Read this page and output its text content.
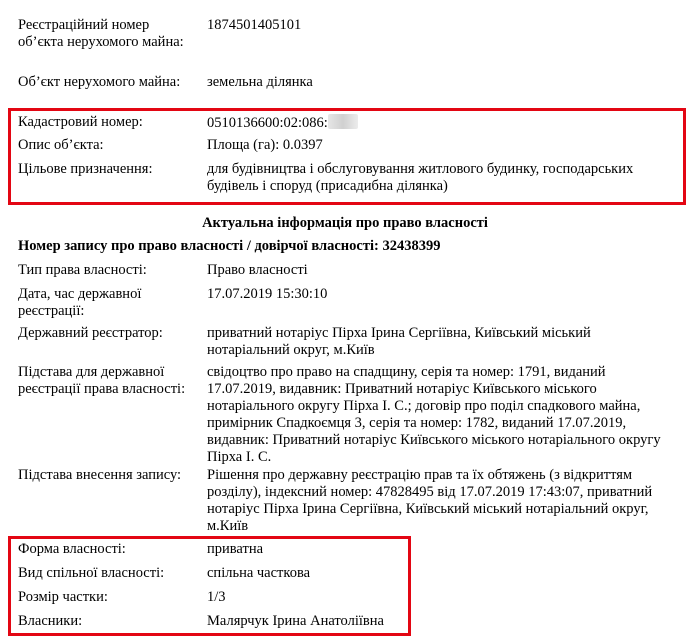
Реєстраційний номер об’єкта нерухомого майна:
1874501405101
Об’єкт нерухомого майна:	земельна ділянка
Кадастровий номер:	0510136600:02:086:
Опис об’єкта:	Площа (га): 0.0397
Цільове призначення:	для будівництва і обслуговування житлового будинку, господарських будівель і споруд (присадибна ділянка)
Актуальна інформація про право власності
Номер запису про право власності / довірчої власності: 32438399
Тип права власності:	Право власності
Дата, час державної реєстрації:
17.07.2019 15:30:10
Державний реєстратор:	приватний нотаріус Пірха Ірина Сергіївна, Київський міський нотаріальний округ, м.Київ
Підстава для державної реєстрації права власності:
свідоцтво про право на спадщину, серія та номер: 1791, виданий 17.07.2019, видавник: Приватний нотаріус Київського міського нотаріального округу Пірха І. С.; договір про поділ спадкового майна, примірник Спадкоємця 3, серія та номер: 1782, виданий 17.07.2019, видавник: Приватний нотаріус Київського міського нотаріального округу Пірха І. С.
Підстава внесення запису:	Рішення про державну реєстрацію прав та їх обтяжень (з відкриттям розділу), індексний номер: 47828495 від 17.07.2019 17:43:07, приватний нотаріус Пірха Ірина Сергіївна, Київський міський нотаріальний округ, м.Київ
Форма власності:	приватна
Вид спільної власності:	спільна часткова
Розмір частки:	1/3
Власники:	Малярчук Ірина Анатоліївна
